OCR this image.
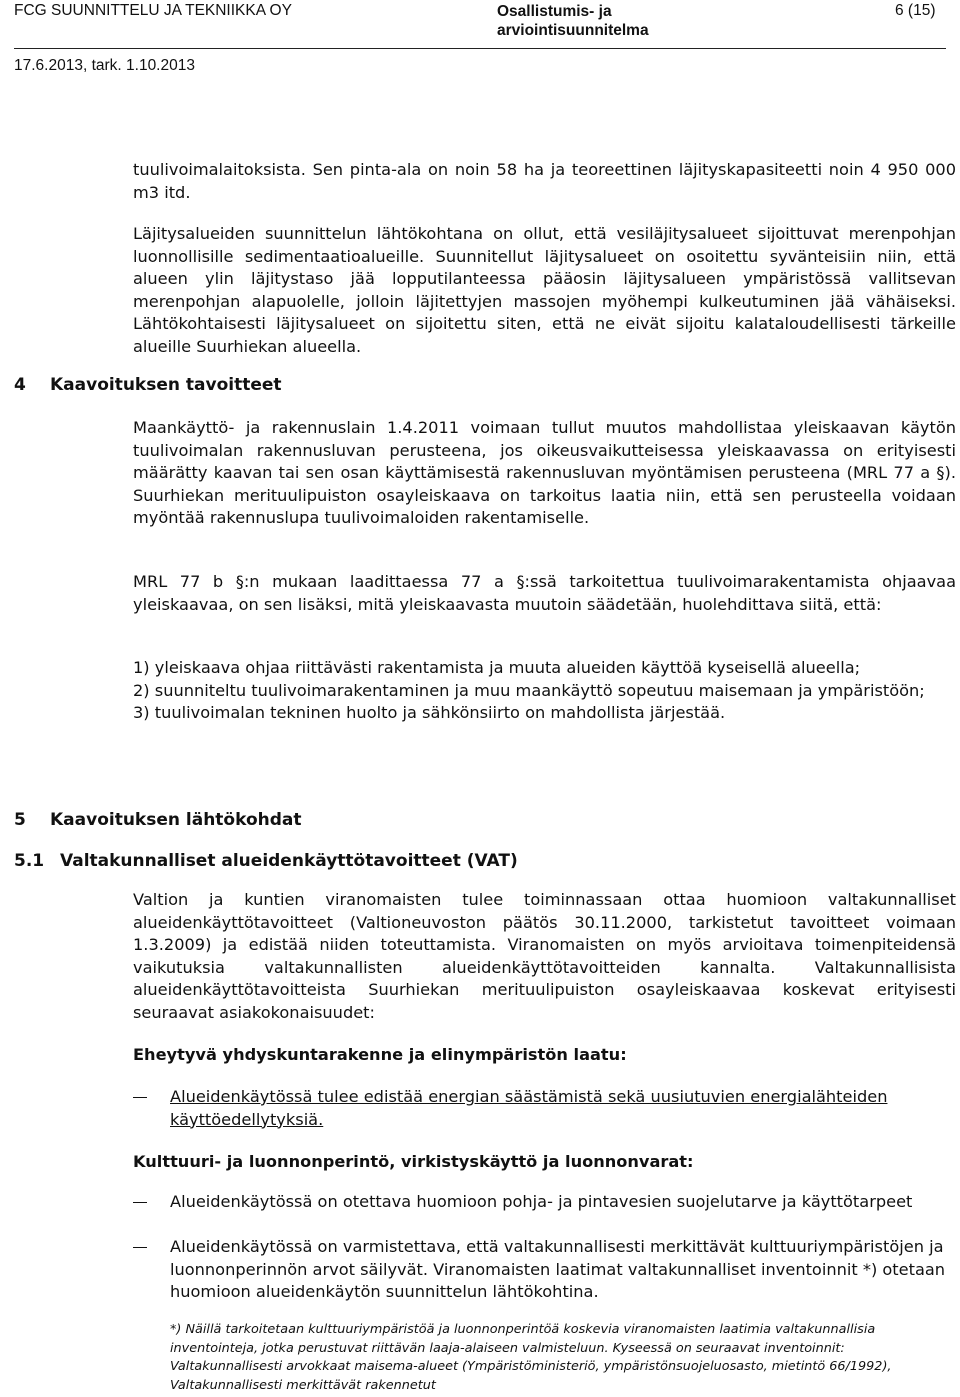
FCG SUUNNITTELU JA TEKNIIKKA OY	Osallistumis- ja
arviointisuunnitelma
6 (15)
17.6.2013, tark. 1.10.2013
tuulivoimalaitoksista. Sen pinta-ala on noin 58 ha ja teoreettinen läjityskapasiteetti noin 4 950 000 m3 itd.
Läjitysalueiden suunnittelun lähtökohtana on ollut, että vesiläjitysalueet sijoittuvat merenpohjan luonnollisille sedimentaatioalueille. Suunnitellut läjitysalueet on osoitettu syvänteisiin niin, että alueen ylin läjitystaso jää lopputilanteessa pääosin läjitysalueen ympäristössä vallitsevan merenpohjan alapuolelle, jolloin läjitettyjen massojen myöhempi kulkeutuminen jää vähäiseksi. Lähtökohtaisesti läjitysalueet on sijoitettu siten, että ne eivät sijoitu kalataloudellisesti tärkeille alueille Suurhiekan alueella.
4 Kaavoituksen tavoitteet
Maankäyttö- ja rakennuslain 1.4.2011 voimaan tullut muutos mahdollistaa yleiskaavan käytön tuulivoimalan rakennusluvan perusteena, jos oikeusvaikutteisessa yleiskaavassa on erityisesti määrätty kaavan tai sen osan käyttämisestä rakennusluvan myöntämisen perusteena (MRL 77 a §). Suurhiekan merituulipuiston osayleiskaava on tarkoitus laatia niin, että sen perusteella voidaan myöntää rakennuslupa tuulivoimaloiden rakentamiselle.
MRL 77 b §:n mukaan laadittaessa 77 a §:ssä tarkoitettua tuulivoimarakentamista ohjaavaa yleiskaavaa, on sen lisäksi, mitä yleiskaavasta muutoin säädetään, huolehdittava siitä, että:
1) yleiskaava ohjaa riittävästi rakentamista ja muuta alueiden käyttöä kyseisellä alueella;
2) suunniteltu tuulivoimarakentaminen ja muu maankäyttö sopeutuu maisemaan ja ympäristöön;
3) tuulivoimalan tekninen huolto ja sähkönsiirto on mahdollista järjestää.
5 Kaavoituksen lähtökohdat
5.1 Valtakunnalliset alueidenkäyttötavoitteet (VAT)
Valtion ja kuntien viranomaisten tulee toiminnassaan ottaa huomioon valtakunnalliset alueidenkäyttötavoitteet (Valtioneuvoston päätös 30.11.2000, tarkistetut tavoitteet voimaan 1.3.2009) ja edistää niiden toteuttamista. Viranomaisten on myös arvioitava toimenpiteidensä vaikutuksia valtakunnallisten alueidenkäyttötavoitteiden kannalta. Valtakunnallisista alueidenkäyttötavoitteista Suurhiekan merituulipuiston osayleiskaavaa koskevat erityisesti seuraavat asiakokonaisuudet:
Eheytyvä yhdyskuntarakenne ja elinympäristön laatu:
Alueidenkäytössä tulee edistää energian säästämistä sekä uusiutuvien energialähteiden käyttöedellytyksiä.
Kulttuuri- ja luonnonperintö, virkistyskäyttö ja luonnonvarat:
Alueidenkäytössä on otettava huomioon pohja- ja pintavesien suojelutarve ja käyttötarpeet
Alueidenkäytössä on varmistettava, että valtakunnallisesti merkittävät kulttuuriympäristöjen ja luonnonperinnön arvot säilyvät. Viranomaisten laatimat valtakunnalliset inventoinnit *) otetaan huomioon alueidenkäytön suunnittelun lähtökohtina.
*) Näillä tarkoitetaan kulttuuriympäristöä ja luonnonperintöä koskevia viranomaisten laatimia valtakunnallisia inventointeja, jotka perustuvat riittävän laaja-alaiseen valmisteluun. Kyseessä on seuraavat inventoinnit: Valtakunnallisesti arvokkaat maisema-alueet (Ympäristöministeriö, ympäristönsuojeluosasto, mietintö 66/1992), Valtakunnallisesti merkittävät rakennetut
